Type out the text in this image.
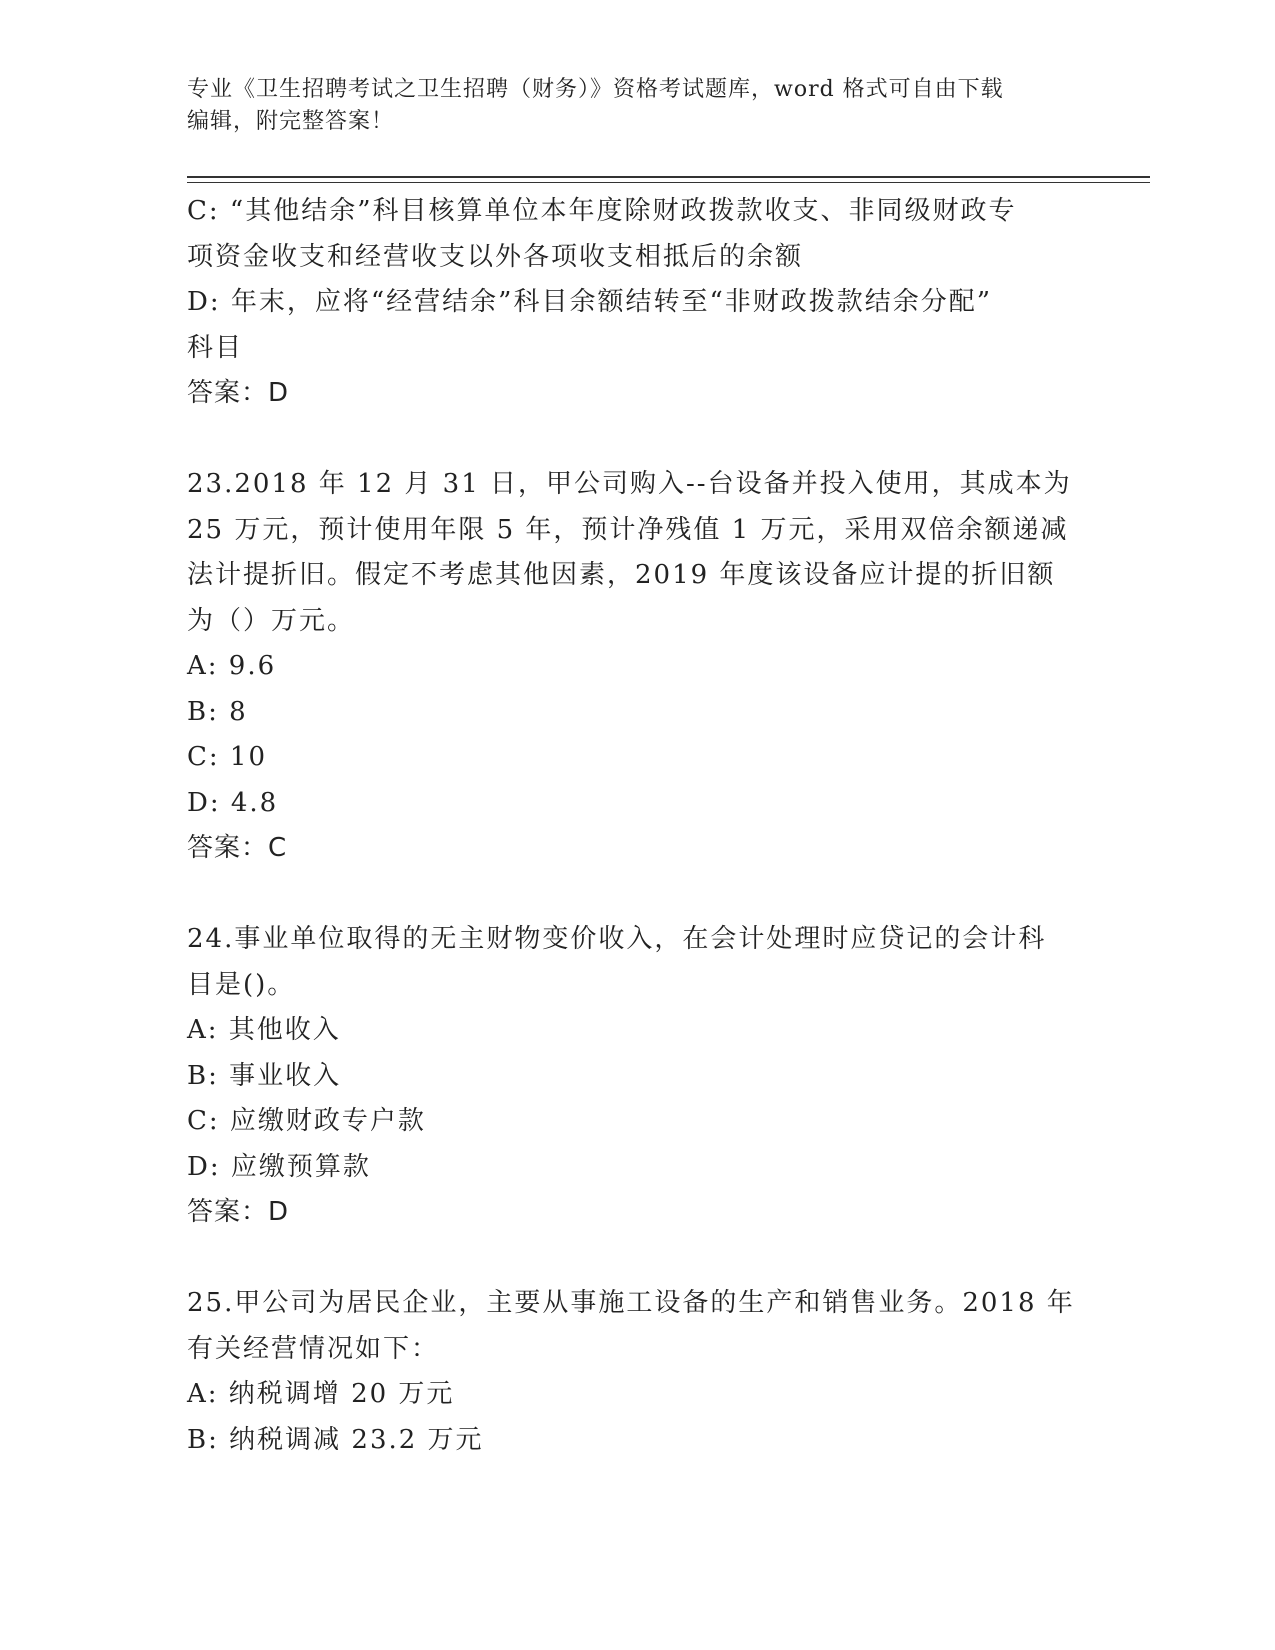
专业《卫生招聘考试之卫生招聘（财务）》资格考试题库，word 格式可自由下载
编辑，附完整答案！
C: “其他结余”科目核算单位本年度除财政拨款收支、非同级财政专
项资金收支和经营收支以外各项收支相抵后的余额
D: 年末，应将“经营结余”科目余额结转至“非财政拨款结余分配”
科目
答案：D
23.2018 年 12 月 31 日，甲公司购入--台设备并投入使用，其成本为
25 万元，预计使用年限 5 年，预计净残值 1 万元，采用双倍余额递减
法计提折旧。假定不考虑其他因素，2019 年度该设备应计提的折旧额
为（）万元。
A: 9.6
B: 8
C: 10
D: 4.8
答案：C
24.事业单位取得的无主财物变价收入，在会计处理时应贷记的会计科
目是()。
A: 其他收入
B: 事业收入
C: 应缴财政专户款
D: 应缴预算款
答案：D
25.甲公司为居民企业，主要从事施工设备的生产和销售业务。2018 年
有关经营情况如下：
A: 纳税调增 20 万元
B: 纳税调减 23.2 万元
